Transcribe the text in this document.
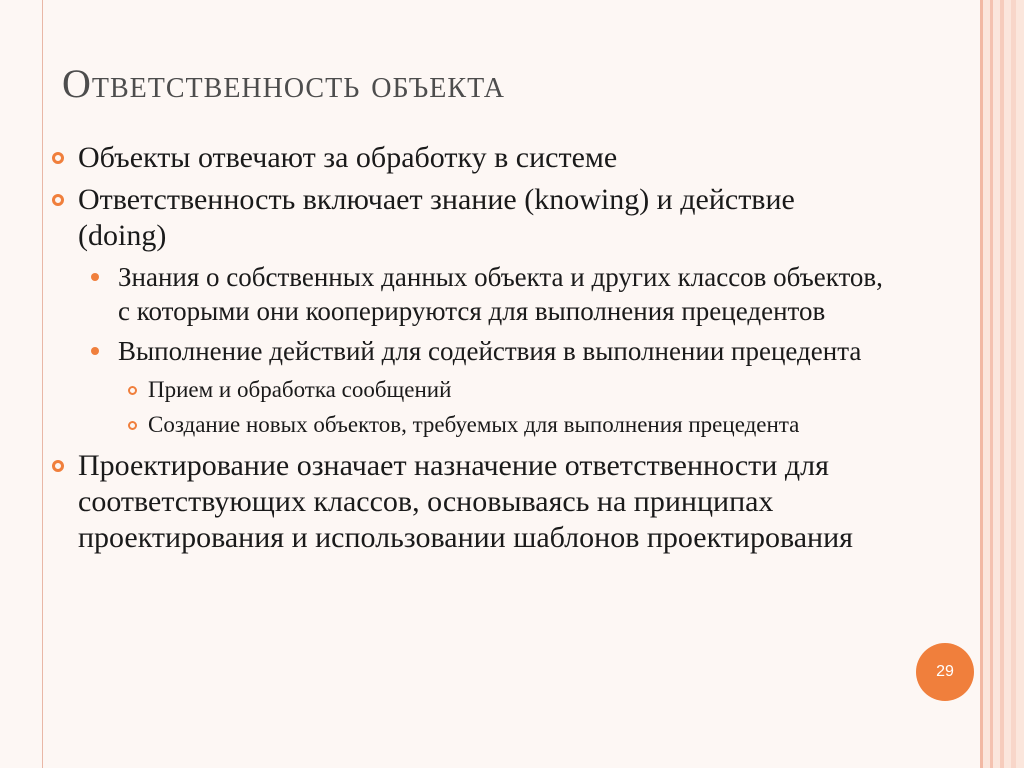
Ответственность объекта
Объекты отвечают за обработку в системе
Ответственность включает знание (knowing) и действие (doing)
Знания о собственных данных объекта и других классов объектов, с которыми они кооперируются для выполнения прецедентов
Выполнение действий для содействия в выполнении прецедента
Прием и обработка сообщений
Создание новых объектов, требуемых для выполнения прецедента
Проектирование означает назначение ответственности для соответствующих классов, основываясь на принципах проектирования и использовании шаблонов проектирования
29
